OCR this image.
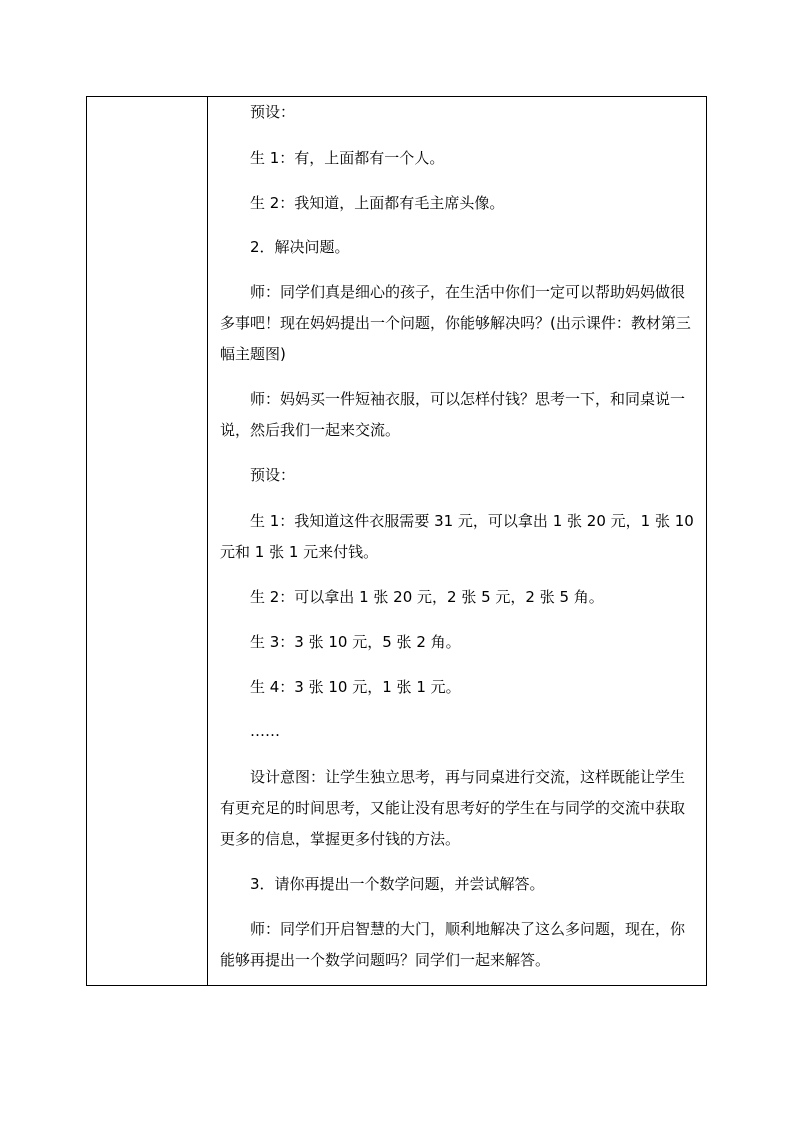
预设：

生 1：有，上面都有一个人。

生 2：我知道，上面都有毛主席头像。

2．解决问题。

师：同学们真是细心的孩子，在生活中你们一定可以帮助妈妈做很多事吧！现在妈妈提出一个问题，你能够解决吗？(出示课件：教材第三幅主题图)

师：妈妈买一件短袖衣服，可以怎样付钱？思考一下，和同桌说一说，然后我们一起来交流。

预设：

生 1：我知道这件衣服需要 31 元，可以拿出 1 张 20 元，1 张 10 元和 1 张 1 元来付钱。

生 2：可以拿出 1 张 20 元，2 张 5 元，2 张 5 角。

生 3：3 张 10 元，5 张 2 角。

生 4：3 张 10 元，1 张 1 元。

……

设计意图：让学生独立思考，再与同桌进行交流，这样既能让学生有更充足的时间思考，又能让没有思考好的学生在与同学的交流中获取更多的信息，掌握更多付钱的方法。

3．请你再提出一个数学问题，并尝试解答。

师：同学们开启智慧的大门，顺利地解决了这么多问题，现在，你能够再提出一个数学问题吗？同学们一起来解答。
